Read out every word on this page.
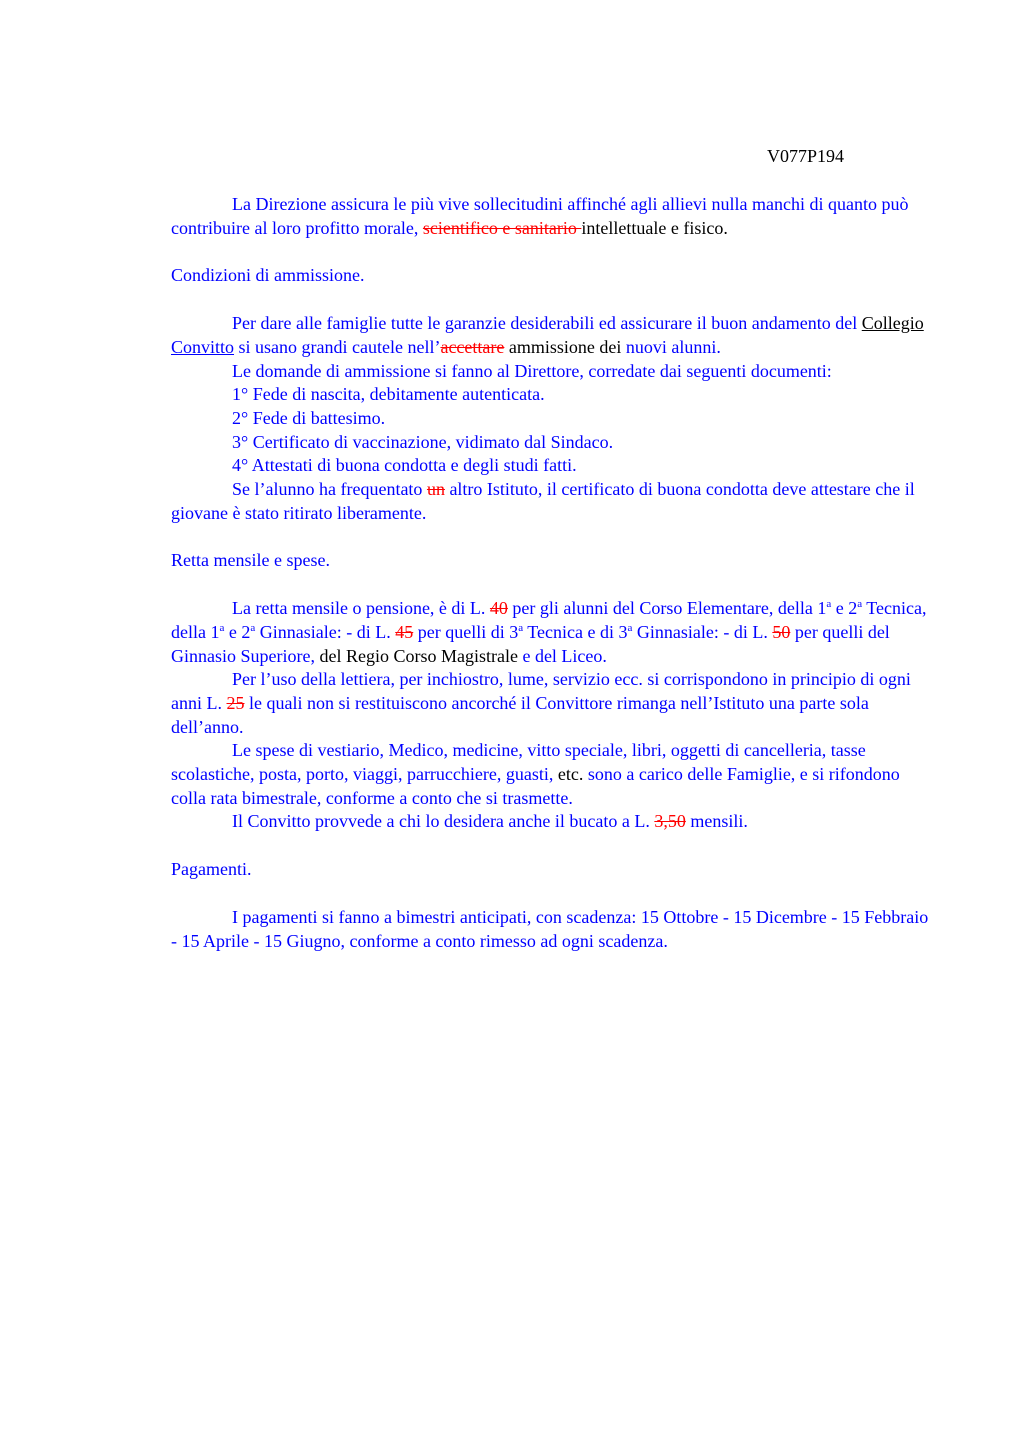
V077P194

La Direzione assicura le più vive sollecitudini affinché agli allievi nulla manchi di quanto può contribuire al loro profitto morale, scientifico e sanitario intellettuale e fisico.

Condizioni di ammissione.

Per dare alle famiglie tutte le garanzie desiderabili ed assicurare il buon andamento del Collegio Convitto si usano grandi cautele nell’accettare ammissione dei nuovi alunni.

Le domande di ammissione si fanno al Direttore, corredate dai seguenti documenti:

1° Fede di nascita, debitamente autenticata.

2° Fede di battesimo.

3° Certificato di vaccinazione, vidimato dal Sindaco.

4° Attestati di buona condotta e degli studi fatti.

Se l’alunno ha frequentato un altro Istituto, il certificato di buona condotta deve attestare che il giovane è stato ritirato liberamente.

Retta mensile e spese.

La retta mensile o pensione, è di L. 40 per gli alunni del Corso Elementare, della 1$^a$ e 2$^a$ Tecnica, della 1$^a$ e 2$^a$ Ginnasiale: - di L. 45 per quelli di 3$^a$ Tecnica e di 3$^a$ Ginnasiale: - di L. 50 per quelli del Ginnasio Superiore, del Regio Corso Magistrale e del Liceo.

Per l’uso della lettiera, per inchiostro, lume, servizio ecc. si corrispondono in principio di ogni anni L. 25 le quali non si restituiscono ancorché il Convittore rimanga nell’Istituto una parte sola dell’anno.

Le spese di vestiario, Medico, medicine, vitto speciale, libri, oggetti di cancelleria, tasse scolastiche, posta, porto, viaggi, parrucchiere, guasti, etc. sono a carico delle Famiglie, e si rifondono colla rata bimestrale, conforme a conto che si trasmette.

Il Convitto provvede a chi lo desidera anche il bucato a L. 3,50 mensili.

Pagamenti.

I pagamenti si fanno a bimestri anticipati, con scadenza: 15 Ottobre - 15 Dicembre - 15 Febbraio - 15 Aprile - 15 Giugno, conforme a conto rimesso ad ogni scadenza.
